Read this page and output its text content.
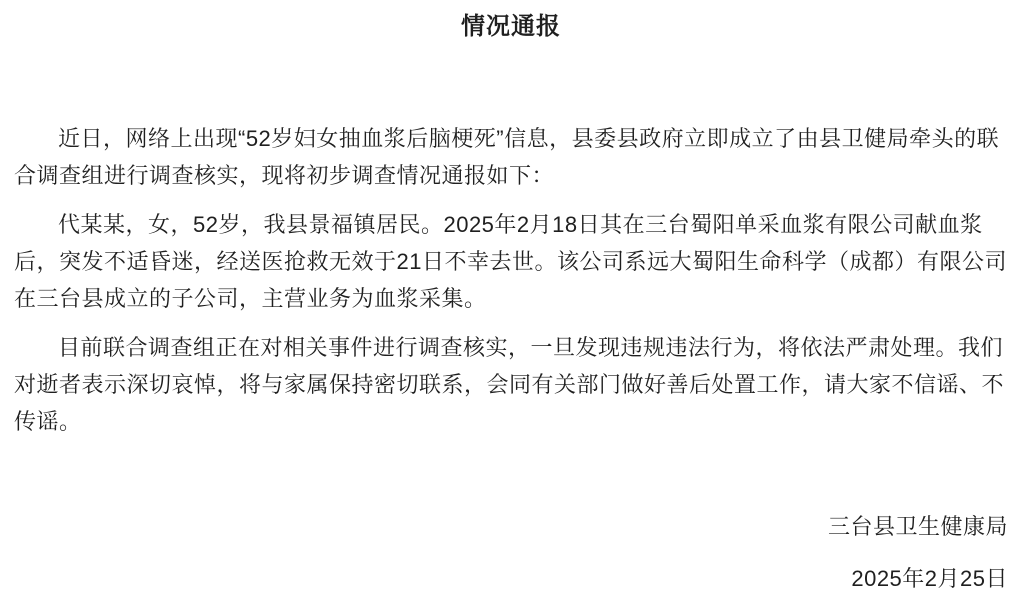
情况通报

近日，网络上出现“52岁妇女抽血浆后脑梗死”信息，县委县政府立即成立了由县卫健局牵头的联合调查组进行调查核实，现将初步调查情况通报如下：

代某某，女，52岁，我县景福镇居民。2025年2月18日其在三台蜀阳单采血浆有限公司献血浆后，突发不适昏迷，经送医抢救无效于21日不幸去世。该公司系远大蜀阳生命科学（成都）有限公司在三台县成立的子公司，主营业务为血浆采集。

目前联合调查组正在对相关事件进行调查核实，一旦发现违规违法行为，将依法严肃处理。我们对逝者表示深切哀悼，将与家属保持密切联系，会同有关部门做好善后处置工作，请大家不信谣、不传谣。

三台县卫生健康局

2025年2月25日
